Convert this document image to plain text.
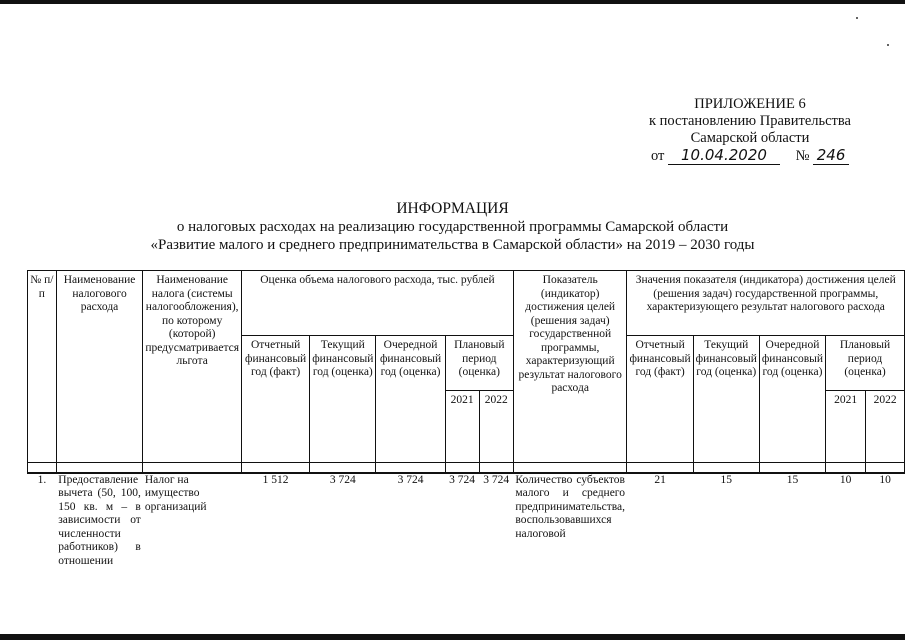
ПРИЛОЖЕНИЕ 6
к постановлению Правительства
Самарской области
от 10.04.2020 № 246
ИНФОРМАЦИЯ
о налоговых расходах на реализацию государственной программы Самарской области
«Развитие малого и среднего предпринимательства в Самарской области» на 2019 – 2030 годы
№ п/п	Наименование налогового расхода	Наименование налога (системы налогообложения), по которому (которой) предусматривается льгота	Оценка объема налогового расхода, тыс. рублей					Показатель (индикатор) достижения целей (решения задач) государственной программы, характеризующий результат налогового расхода	Значения показателя (индикатора) достижения целей (решения задач) государственной программы, характеризующего результат налогового расхода				
			Отчетный финансовый год (факт)	Текущий финансовый год (оценка)	Очередной финансовый год (оценка)	Плановый период (оценка)			Отчетный финансовый год (факт)	Текущий финансовый год (оценка)	Очередной финансовый год (оценка)	Плановый период (оценка)	
						2021	2022					2021	2022

1.	Предоставление вычета (50, 100, 150 кв. м – в зависимости от численности работников) в отношении	Налог на имущество организаций	1 512	3 724	3 724	3 724	3 724	Количество субъектов малого и среднего предпринимательства, воспользовавшихся налоговой	21	15	15	10	10
